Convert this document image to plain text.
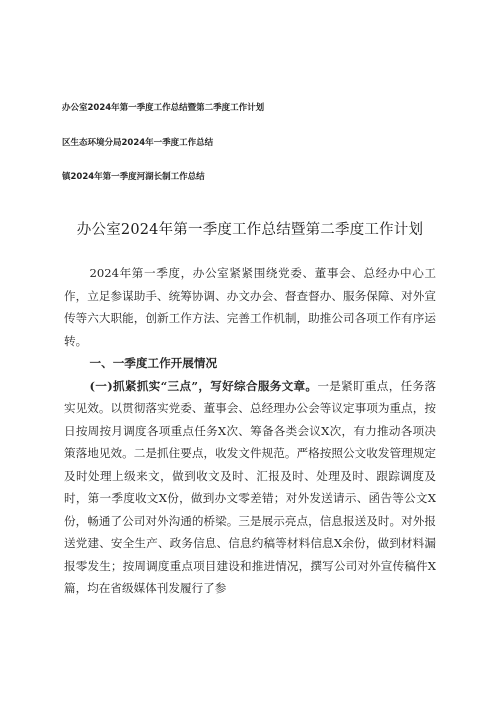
办公室2024年第一季度工作总结暨第二季度工作计划
区生态环境分局2024年一季度工作总结
镇2024年第一季度河湖长制工作总结
办公室2024年第一季度工作总结暨第二季度工作计划

2024年第一季度，办公室紧紧围绕党委、董事会、总经办中心工作，立足参谋助手、统筹协调、办文办会、督查督办、服务保障、对外宣传等六大职能，创新工作方法、完善工作机制，助推公司各项工作有序运转。

一、一季度工作开展情况

(一)抓紧抓实“三点”，写好综合服务文章。一是紧盯重点，任务落实见效。以贯彻落实党委、董事会、总经理办公会等议定事项为重点，按日按周按月调度各项重点任务X次、筹备各类会议X次，有力推动各项决策落地见效。二是抓住要点，收发文件规范。严格按照公文收发管理规定及时处理上级来文，做到收文及时、汇报及时、处理及时、跟踪调度及时，第一季度收文X份，做到办文零差错；对外发送请示、函告等公文X份，畅通了公司对外沟通的桥梁。三是展示亮点，信息报送及时。对外报送党建、安全生产、政务信息、信息约稿等材料信息X余份，做到材料漏报零发生；按周调度重点项目建设和推进情况，撰写公司对外宣传稿件X篇，均在省级媒体刊发履行了参
